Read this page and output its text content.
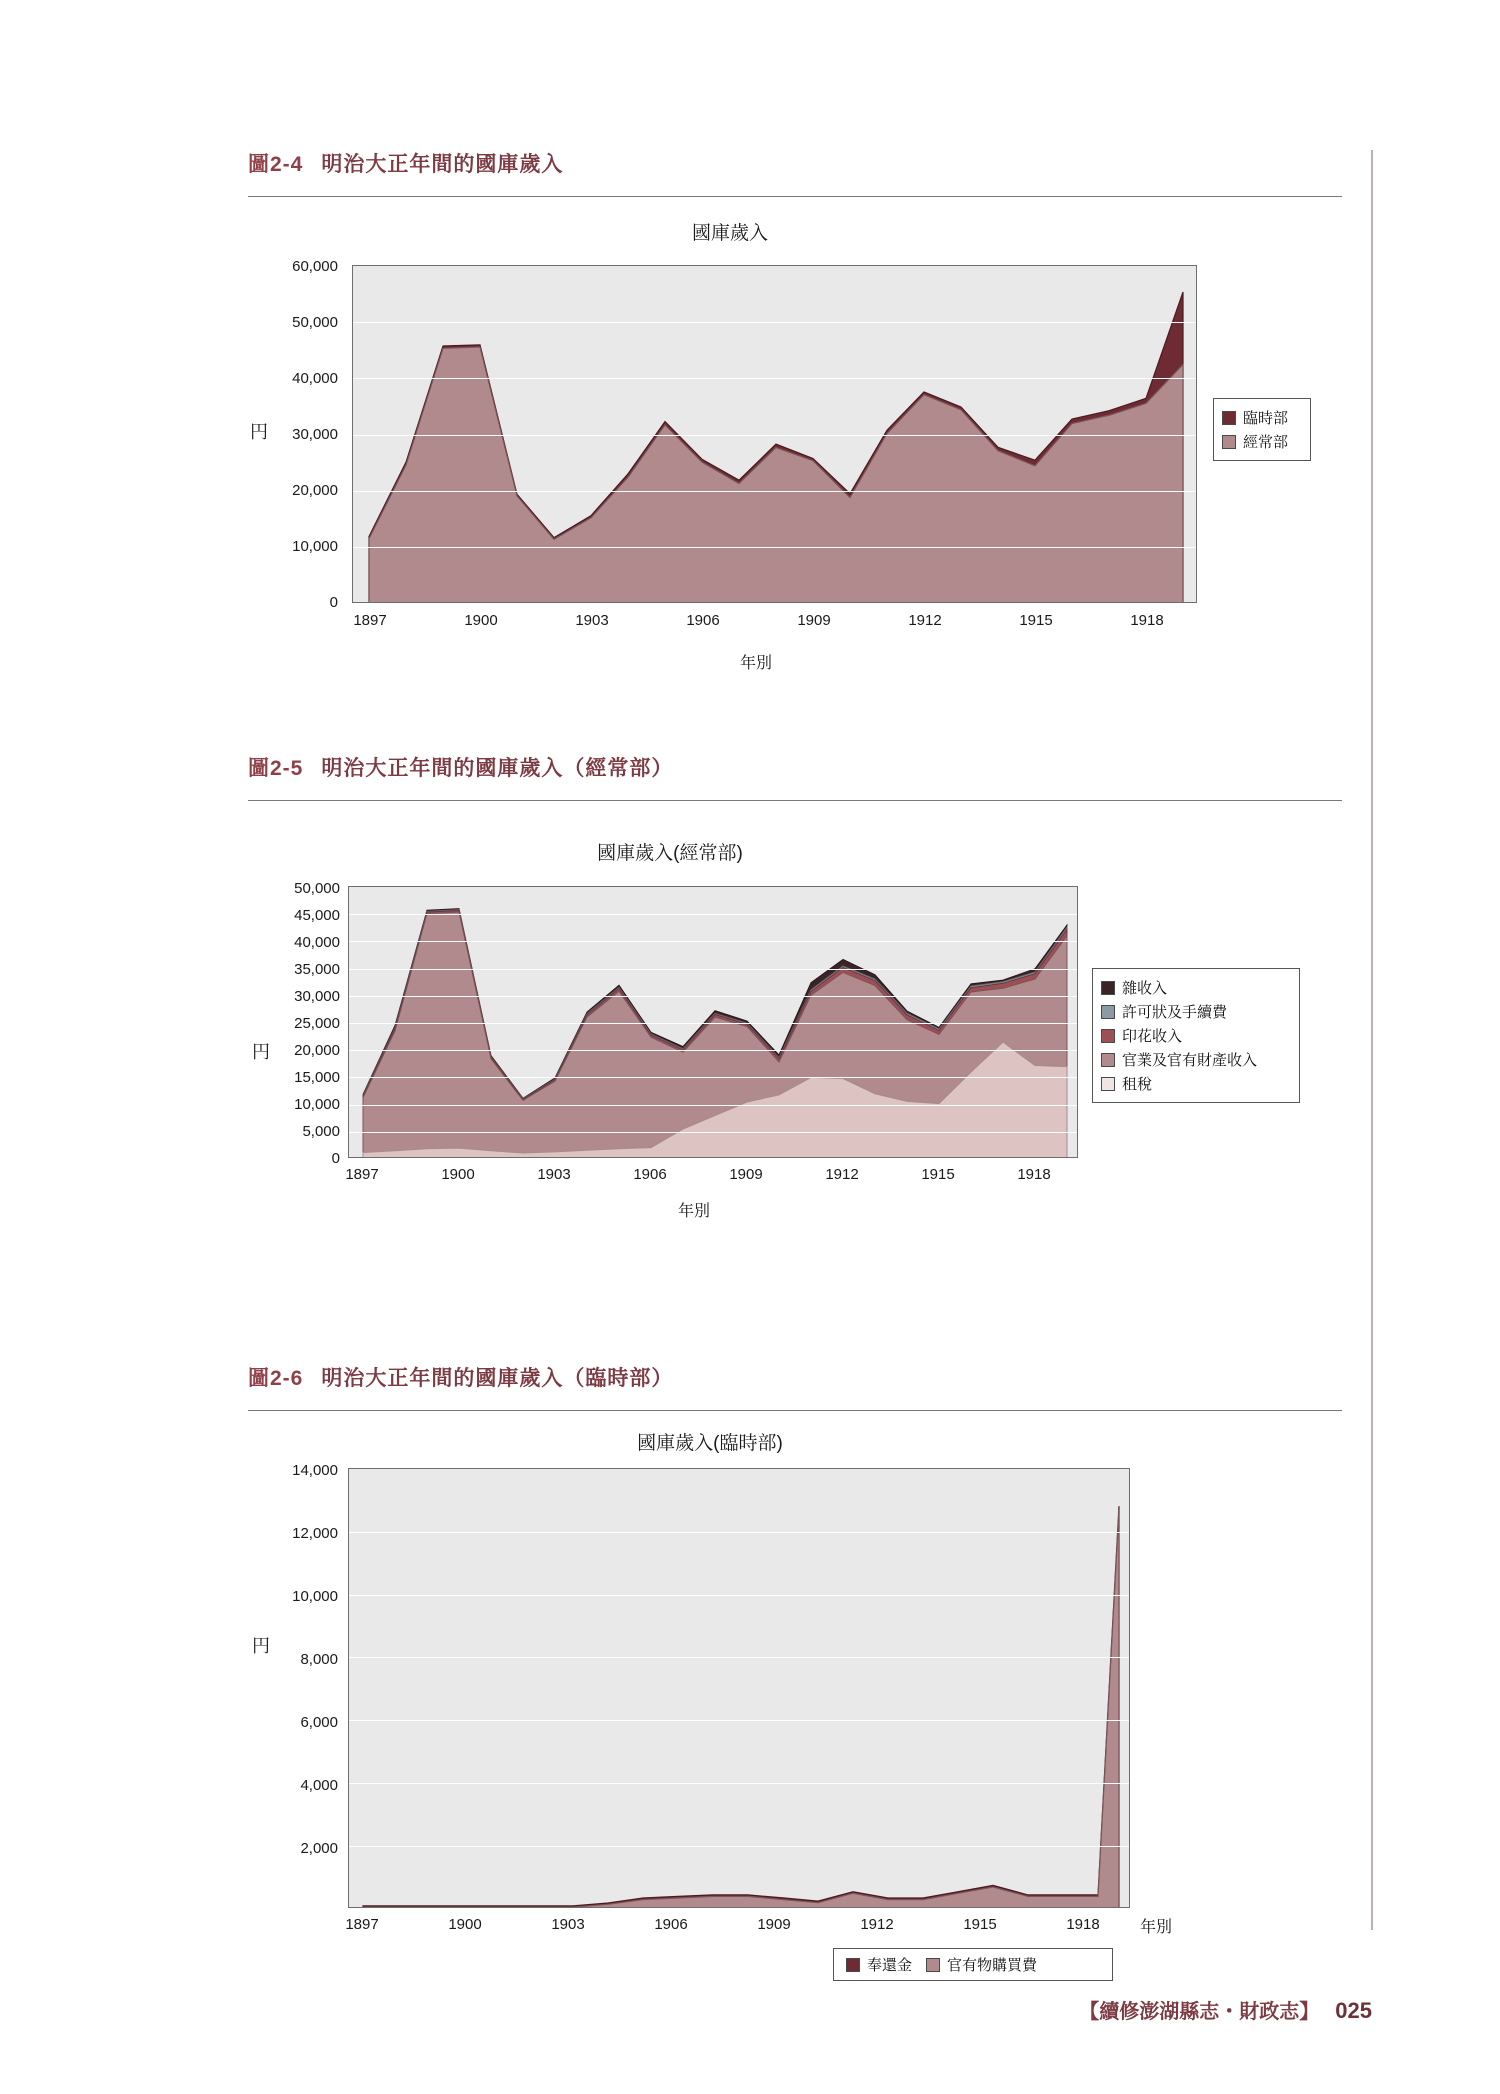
圖2-4 明治大正年間的國庫歲入
國庫歲入
円
60,000
50,000
40,000
30,000
20,000
10,000
0
1897	1900	1903	1906	1909	1912	1915	1918
年別
臨時部
經常部
圖2-5 明治大正年間的國庫歲入（經常部）
國庫歲入(經常部)
円
50,000
45,000
40,000
35,000
30,000
25,000
20,000
15,000
10,000
5,000
0
1897	1900	1903	1906	1909	1912	1915	1918
年別
雜收入
許可狀及手續費
印花收入
官業及官有財產收入
租稅
圖2-6 明治大正年間的國庫歲入（臨時部）
國庫歲入(臨時部)
円
14,000
12,000
10,000
8,000
6,000
4,000
2,000
1897	1900	1903	1906	1909	1912	1915	1918	年別
奉還金 官有物購買費
【續修澎湖縣志・財政志】 025
